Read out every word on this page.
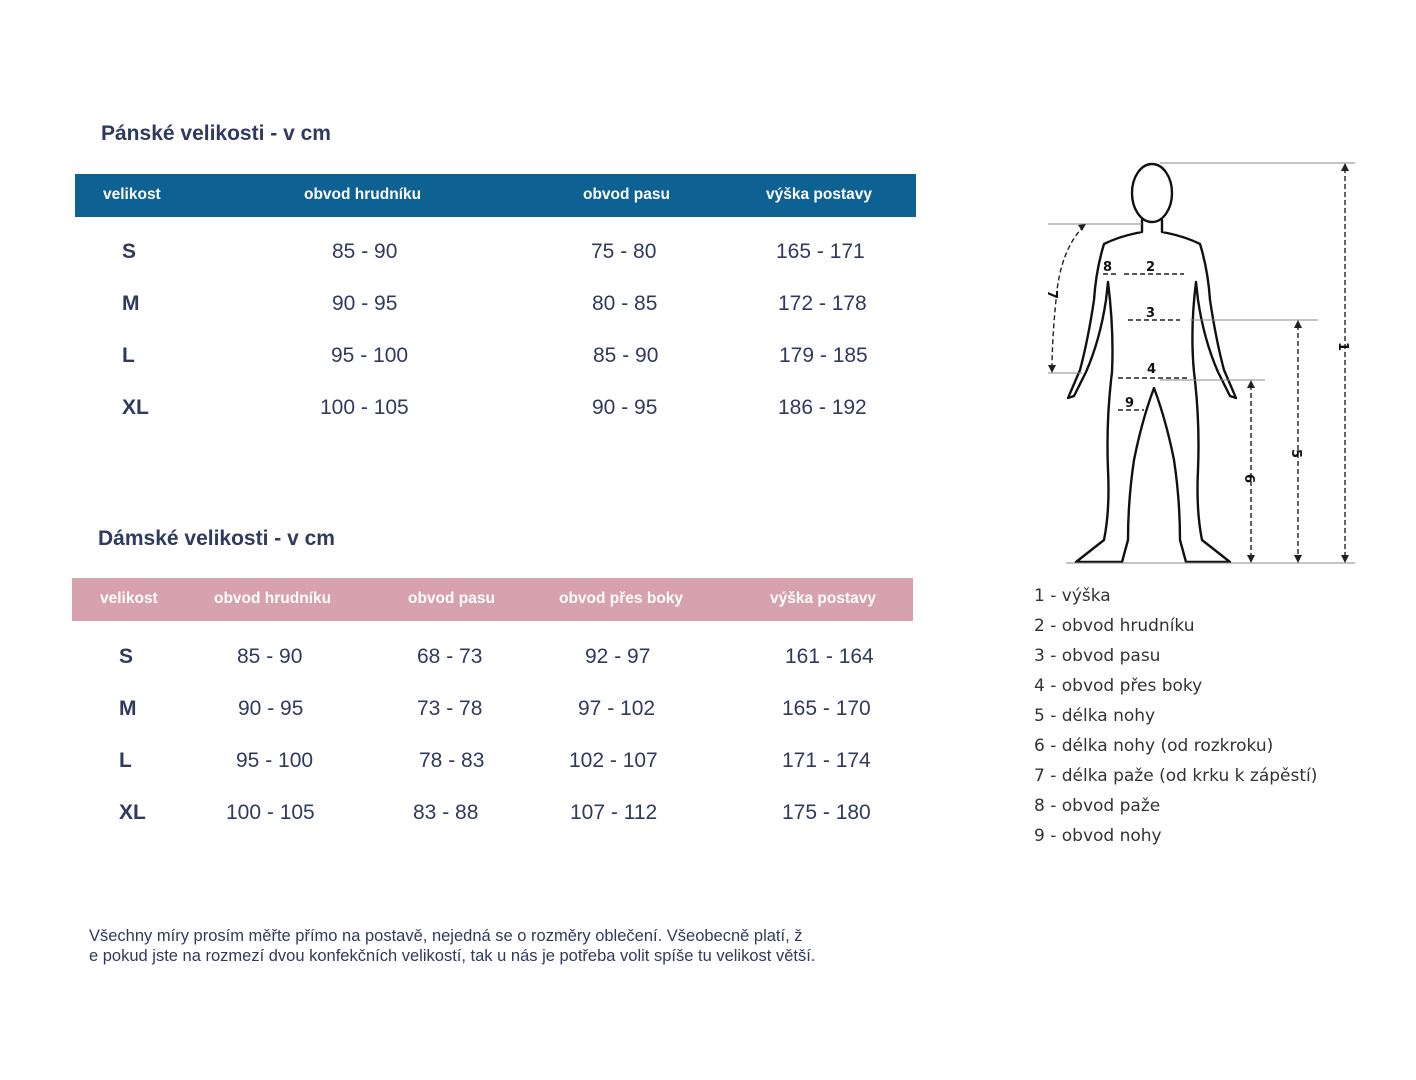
Pánské velikosti - v cm
velikost	obvod hrudníku	obvod pasu	výška postavy
S	85 - 90	75 - 80	165 - 171
M	90 - 95	80 - 85	172 - 178
L	95 - 100	85 - 90	179 - 185
XL	100 - 105	90 - 95	186 - 192
Dámské velikosti - v cm
velikost	obvod hrudníku	obvod pasu	obvod přes boky	výška postavy
S	85 - 90	68 - 73	92 - 97	161 - 164
M	90 - 95	73 - 78	97 - 102	165 - 170
L	95 - 100	78 - 83	102 - 107	171 - 174
XL	100 - 105	83 - 88	107 - 112	175 - 180
1
2
3
4
5
6
7
8
9
1 - výška
2 - obvod hrudníku
3 - obvod pasu
4 - obvod přes boky
5 - délka nohy
6 - délka nohy (od rozkroku)
7 - délka paže (od krku k zápěstí)
8 - obvod paže
9 - obvod nohy

Všechny míry prosím měřte přímo na postavě, nejedná se o rozměry oblečení. Všeobecně platí, ž
e pokud jste na rozmezí dvou konfekčních velikostí, tak u nás je potřeba volit spíše tu velikost větší.
